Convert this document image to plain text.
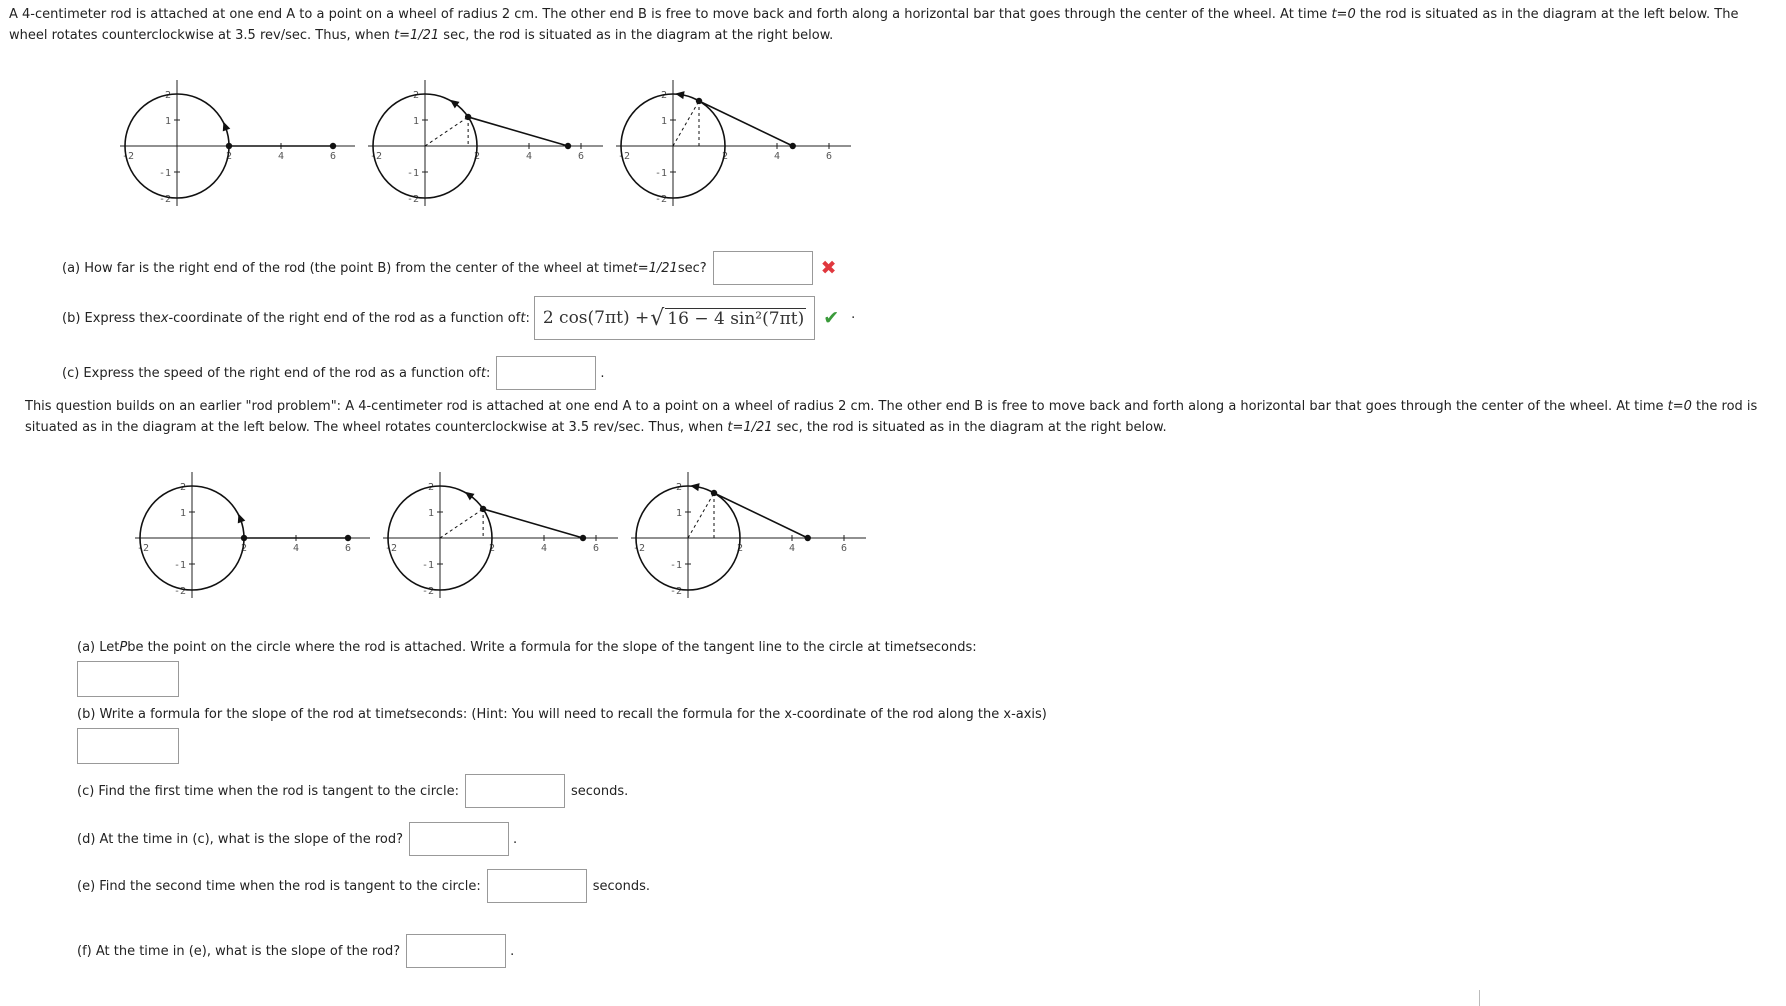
A 4-centimeter rod is attached at one end A to a point on a wheel of radius 2 cm. The other end B is free to move back and forth along a horizontal bar that goes through the center of the wheel. At time t=0 the rod is situated as in the diagram at the left below. The wheel rotates counterclockwise at 3.5 rev/sec. Thus, when t=1/21 sec, the rod is situated as in the diagram at the right below.
-2	2	4	6
2
1
-1
-2

-2	2	4	6
2
1
-1
-2

-2	2	4	6
2
1
-1
-2
(a) How far is the right end of the rod (the point B) from the center of the wheel at time t=1/21 sec?	✖
(b) Express the x -coordinate of the right end of the rod as a function of t : 2 cos(7πt) + √ 16 − 4 sin²(7πt) ✔ ·
(c) Express the speed of the right end of the rod as a function of t :	.
This question builds on an earlier "rod problem": A 4-centimeter rod is attached at one end A to a point on a wheel of radius 2 cm. The other end B is free to move back and forth along a horizontal bar that goes through the center of the wheel. At time t=0 the rod is situated as in the diagram at the left below. The wheel rotates counterclockwise at 3.5 rev/sec. Thus, when t=1/21 sec, the rod is situated as in the diagram at the right below.
-2	2	4	6
2
1
-1
-2

-2	2	4	6
2
1
-1
-2

-2	2	4	6
2
1
-1
-2
(a) Let P be the point on the circle where the rod is attached. Write a formula for the slope of the tangent line to the circle at time t seconds:
(b) Write a formula for the slope of the rod at time t seconds: (Hint: You will need to recall the formula for the x-coordinate of the rod along the x-axis)
(c) Find the first time when the rod is tangent to the circle:	seconds.
(d) At the time in (c), what is the slope of the rod?	.
(e) Find the second time when the rod is tangent to the circle:	seconds.
(f) At the time in (e), what is the slope of the rod?	.
